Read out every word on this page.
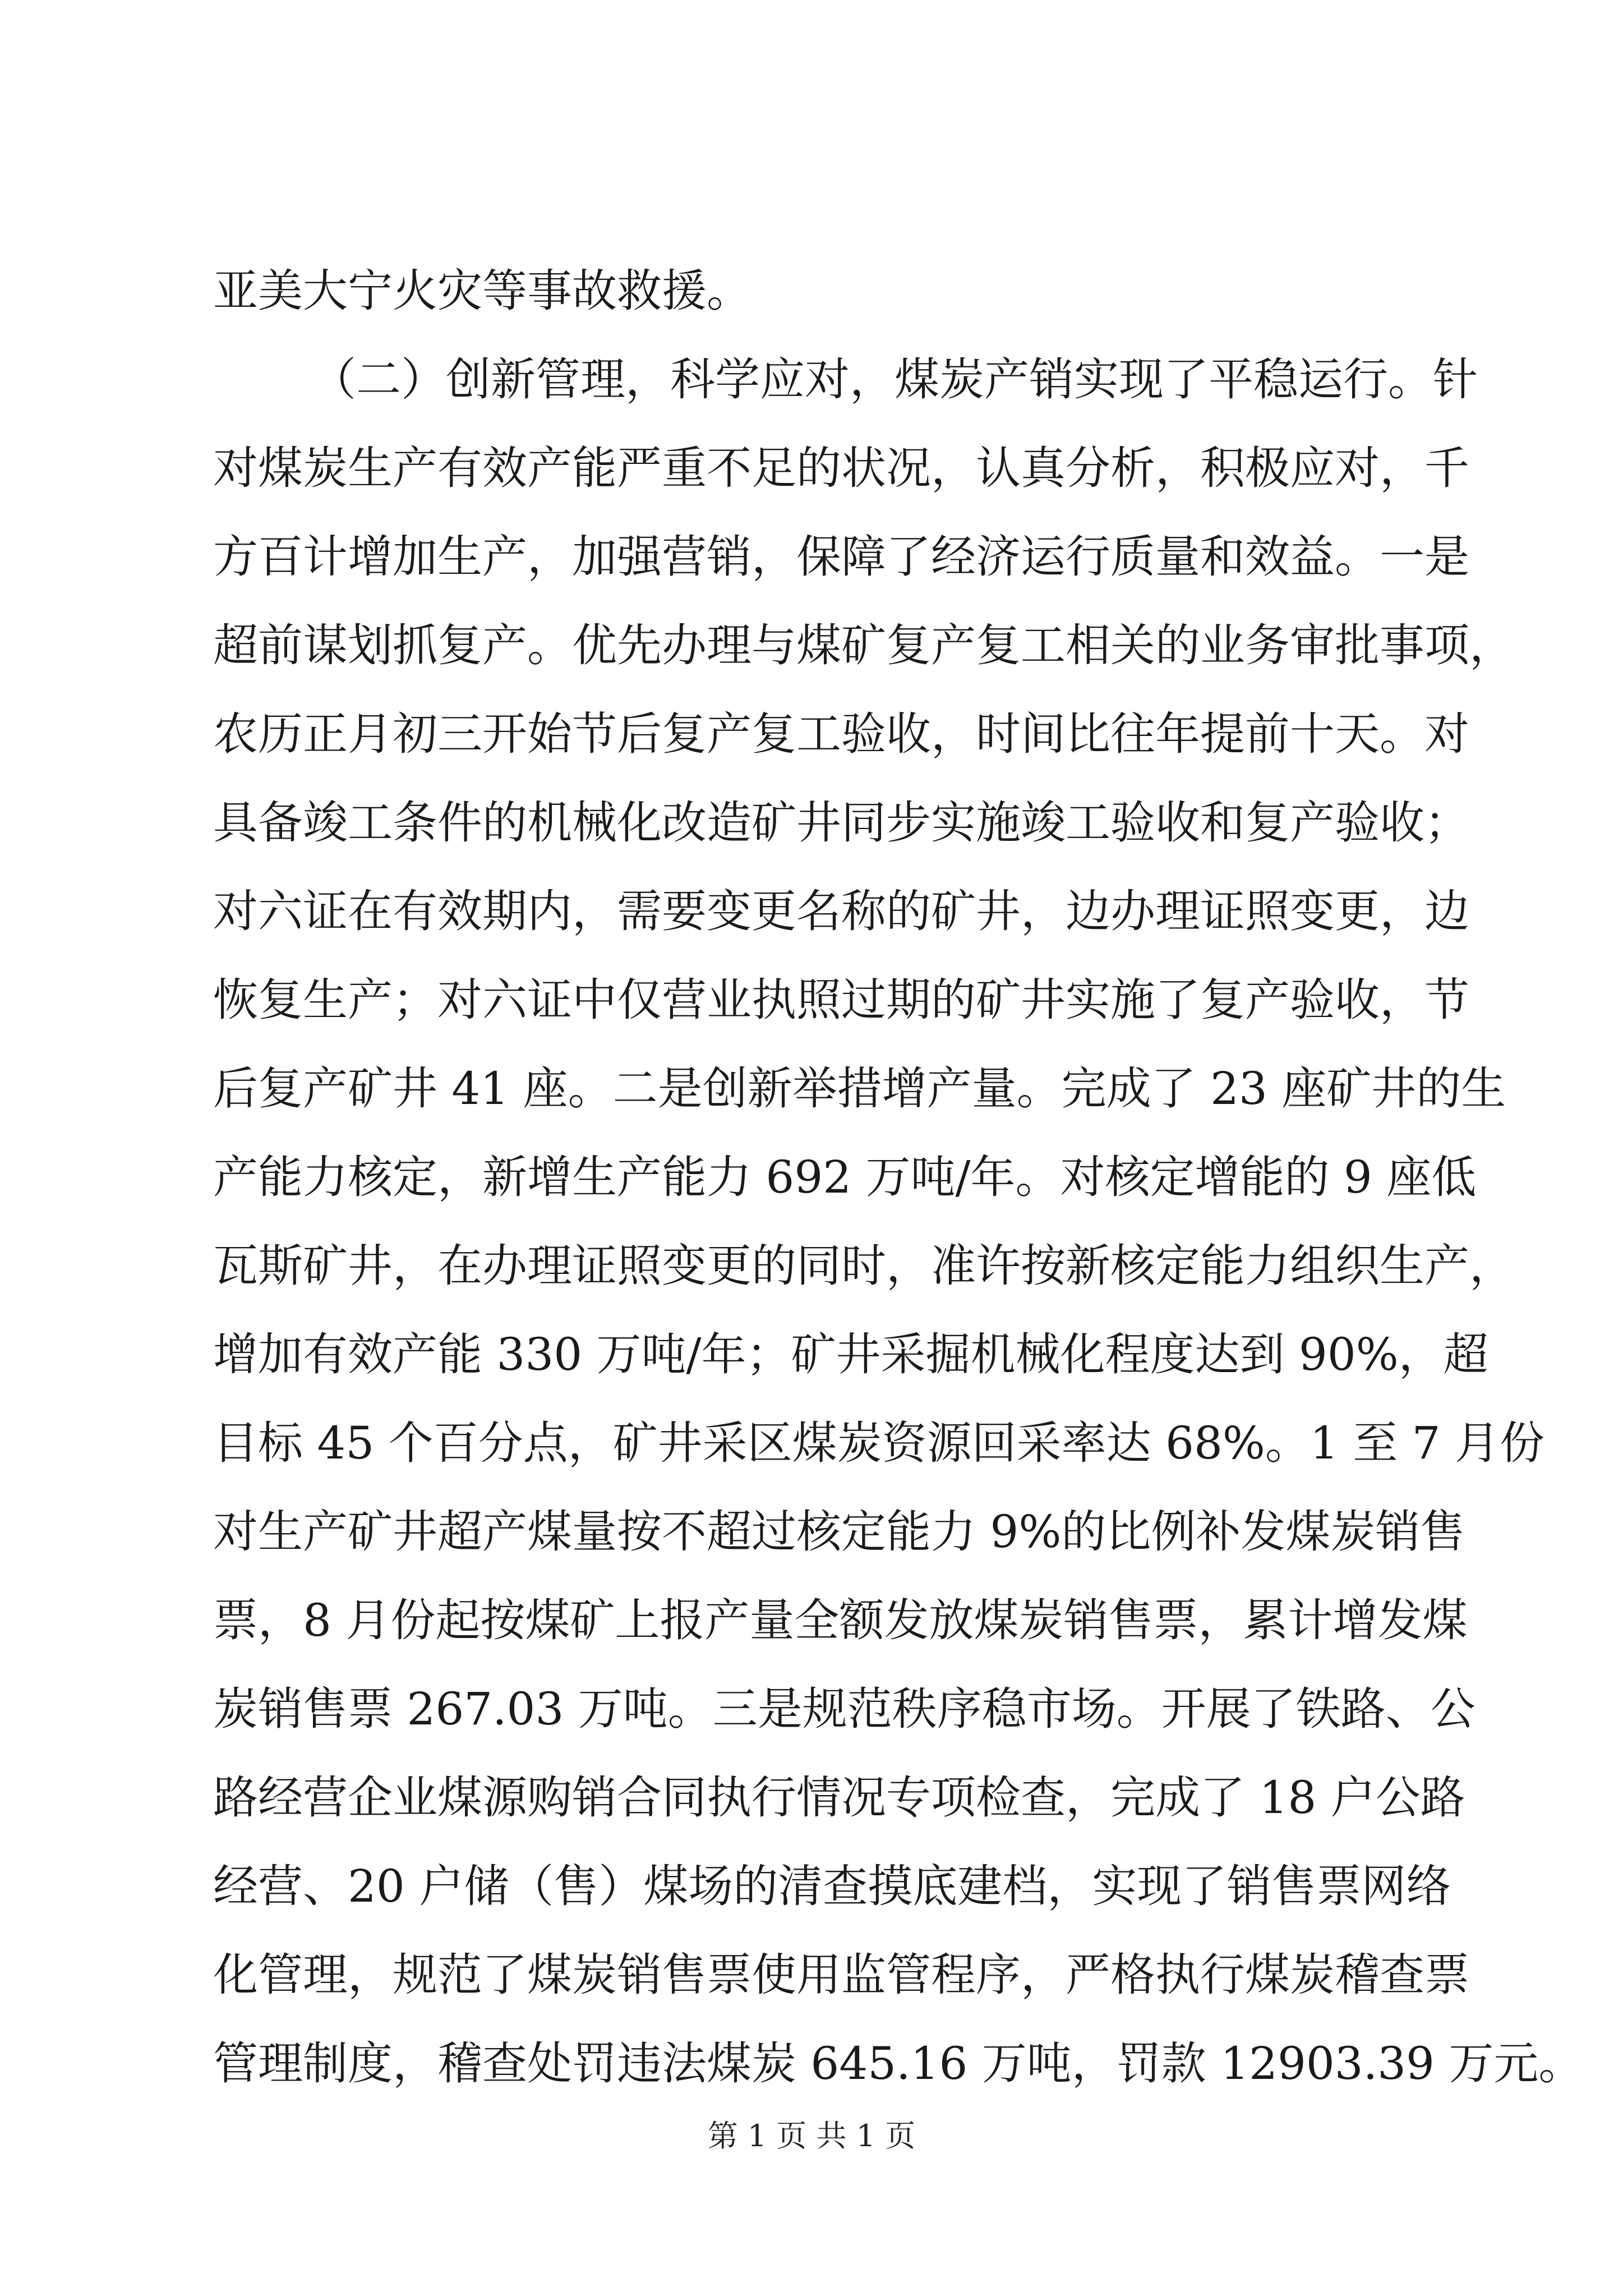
亚美大宁火灾等事故救援。
（二）创新管理，科学应对，煤炭产销实现了平稳运行。针
对煤炭生产有效产能严重不足的状况，认真分析，积极应对，千
方百计增加生产，加强营销，保障了经济运行质量和效益。一是
超前谋划抓复产。优先办理与煤矿复产复工相关的业务审批事项，
农历正月初三开始节后复产复工验收，时间比往年提前十天。对
具备竣工条件的机械化改造矿井同步实施竣工验收和复产验收；
对六证在有效期内，需要变更名称的矿井，边办理证照变更，边
恢复生产；对六证中仅营业执照过期的矿井实施了复产验收，节
后复产矿井 41 座。二是创新举措增产量。完成了 23 座矿井的生
产能力核定，新增生产能力 692 万吨/年。对核定增能的 9 座低
瓦斯矿井，在办理证照变更的同时，准许按新核定能力组织生产，
增加有效产能 330 万吨/年；矿井采掘机械化程度达到 90%，超
目标 45 个百分点，矿井采区煤炭资源回采率达 68%。1 至 7 月份
对生产矿井超产煤量按不超过核定能力 9%的比例补发煤炭销售
票，8 月份起按煤矿上报产量全额发放煤炭销售票，累计增发煤
炭销售票 267.03 万吨。三是规范秩序稳市场。开展了铁路、公
路经营企业煤源购销合同执行情况专项检查，完成了 18 户公路
经营、20 户储（售）煤场的清查摸底建档，实现了销售票网络
化管理，规范了煤炭销售票使用监管程序，严格执行煤炭稽查票
管理制度，稽查处罚违法煤炭 645.16 万吨，罚款 12903.39 万元。
第 1 页 共 1 页
